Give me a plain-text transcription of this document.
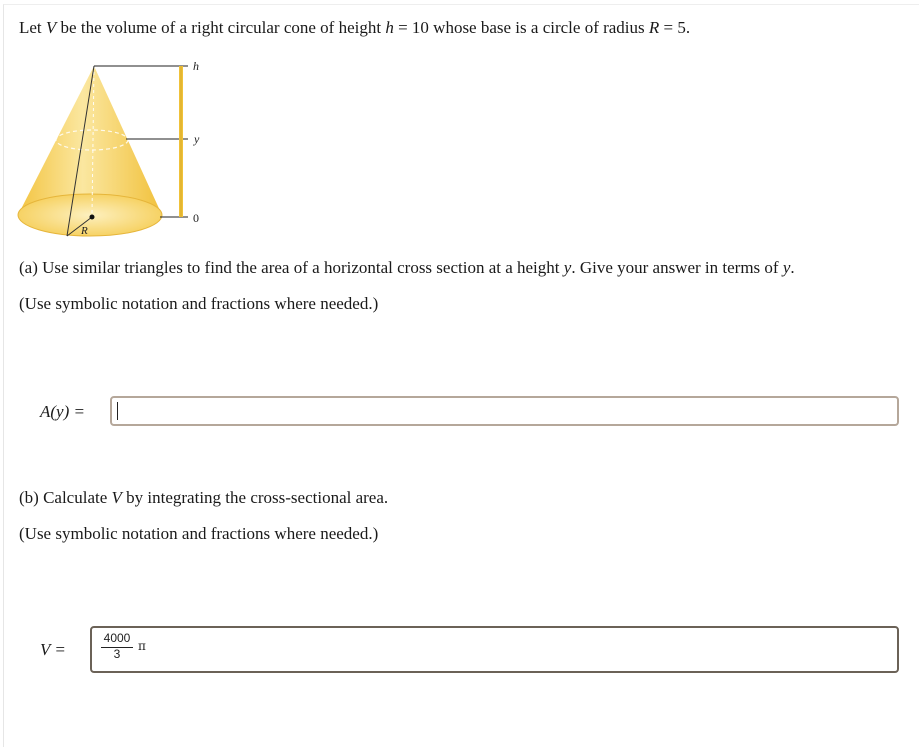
Let V be the volume of a right circular cone of height h = 10 whose base is a circle of radius R = 5.
h
y
0
R
(a) Use similar triangles to find the area of a horizontal cross section at a height y. Give your answer in terms of y.
(Use symbolic notation and fractions where needed.)
A(y) =
(b) Calculate V by integrating the cross-sectional area.
(Use symbolic notation and fractions where needed.)
V =
4000
3
π
